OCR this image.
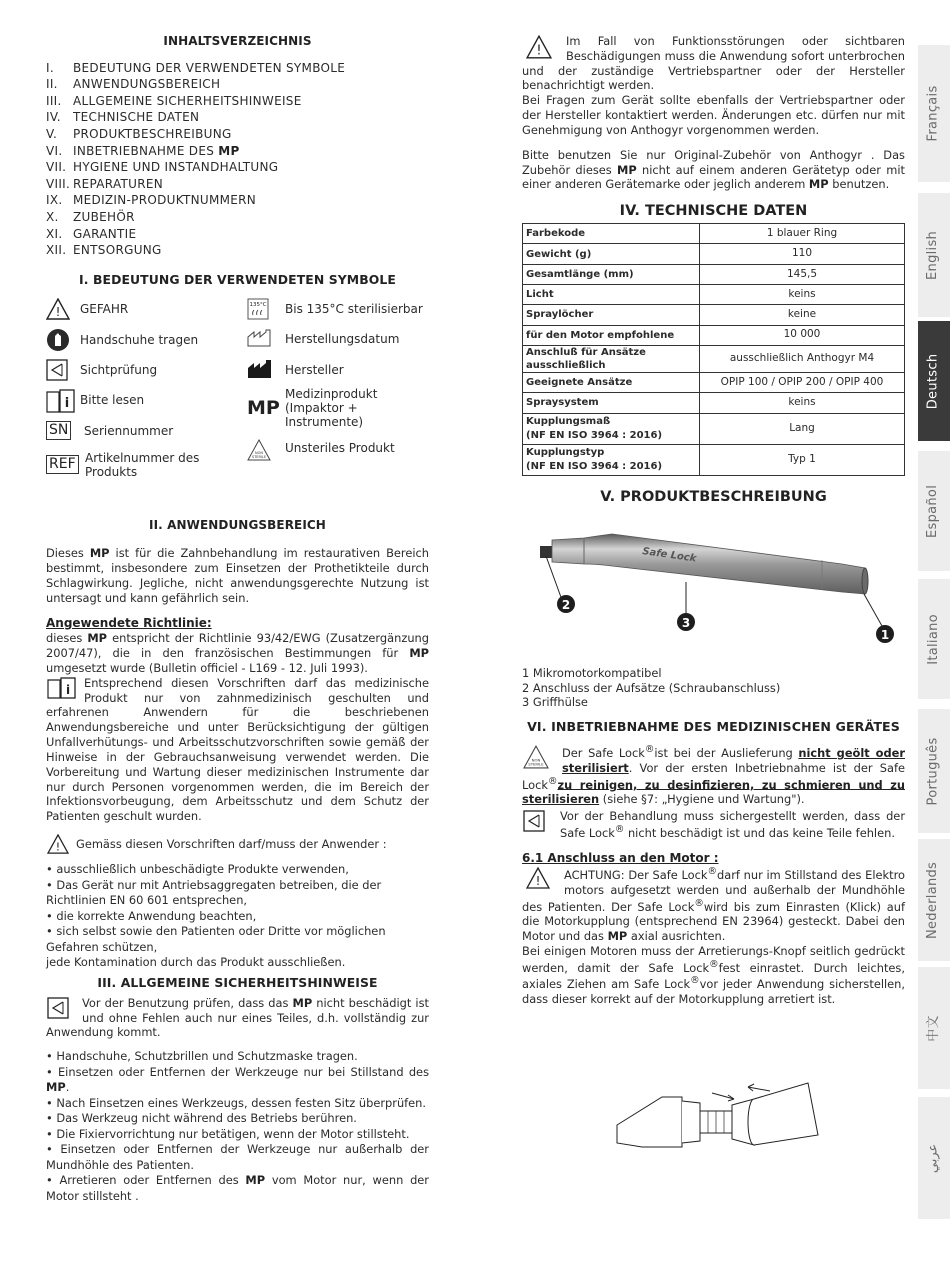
INHALTSVERZEICHNIS
I.	BEDEUTUNG DER VERWENDETEN SYMBOLE
II.	ANWENDUNGSBEREICH
III. ALLGEMEINE SICHERHEITSHINWEISE
IV.	TECHNISCHE DATEN
V.	PRODUKTBESCHREIBUNG
VI. INBETRIEBNAHME DES MP
VII. HYGIENE UND INSTANDHALTUNG
VIII. REPARATUREN
IX. MEDIZIN-PRODUKTNUMMERN
X.	ZUBEHÖR
XI. GARANTIE
XII. ENTSORGUNG
I. BEDEUTUNG DER VERWENDETEN SYMBOLE
! GEFAHR
Handschuhe tragen
Sichtprüfung
i Bitte lesen
SN	Seriennummer
REF Artikelnummer des Produkts
135°C Bis 135°C sterilisierbar
Herstellungsdatum
Hersteller
MP
Medizinprodukt (Impaktor + Instrumente)
NON
STERILE
Unsteriles Produkt
II. ANWENDUNGSBEREICH

Dieses MP ist für die Zahnbehandlung im restaurativen Bereich bestimmt, insbesondere zum Einsetzen der Prothetikteile durch Schlagwirkung. Jegliche, nicht anwendungsgerechte Nutzung ist untersagt und kann gefährlich sein.

Angewendete Richtlinie:

dieses MP entspricht der Richtlinie 93/42/EWG (Zusatzergänzung 2007/47), die in den französischen Bestimmungen für MP umgesetzt wurde (Bulletin officiel - L169 - 12. Juli 1993).

i Entsprechend diesen Vorschriften darf das medizinische Produkt nur von zahnmedizinisch geschulten und erfahrenen Anwendern für die beschriebenen Anwendungsbereiche und unter Berücksichtigung der gültigen Unfallverhütungs- und Arbeitsschutzvorschriften sowie gemäß der Hinweise in der Gebrauchsanweisung verwendet werden. Die Vorbereitung und Wartung dieser medizinischen Instrumente dar nur durch Personen vorgenommen werden, die im Bereich der Infektionsvorbeugung, dem Arbeitsschutz und dem Schutz der Patienten geschult wurden.

! Gemäss diesen Vorschriften darf/muss der Anwender :
• ausschließlich unbeschädigte Produkte verwenden,
• Das Gerät nur mit Antriebsaggregaten betreiben, die der Richtlinien EN 60 601 entsprechen,
• die korrekte Anwendung beachten,
• sich selbst sowie den Patienten oder Dritte vor möglichen Gefahren schützen,
jede Kontamination durch das Produkt ausschließen.
III. ALLGEMEINE SICHERHEITSHINWEISE

Vor der Benutzung prüfen, dass das MP nicht beschädigt ist und ohne Fehlen auch nur eines Teiles, d.h. vollständig zur Anwendung kommt.

• Handschuhe, Schutzbrillen und Schutzmaske tragen.
• Einsetzen oder Entfernen der Werkzeuge nur bei Stillstand des MP.
• Nach Einsetzen eines Werkzeugs, dessen festen Sitz überprüfen.
• Das Werkzeug nicht während des Betriebs berühren.
• Die Fixiervorrichtung nur betätigen, wenn der Motor stillsteht.
• Einsetzen oder Entfernen der Werkzeuge nur außerhalb der Mundhöhle des Patienten.
• Arretieren oder Entfernen des MP vom Motor nur, wenn der Motor stillsteht .

!
Im Fall von Funktionsstörungen oder sichtbaren Beschädigungen muss die Anwendung sofort unterbrochen und der zuständige Vertriebspartner oder der Hersteller benachrichtigt werden.

Bei Fragen zum Gerät sollte ebenfalls der Vertriebspartner oder der Hersteller kontaktiert werden. Änderungen etc. dürfen nur mit Genehmigung von Anthogyr vorgenommen werden.

Bitte benutzen Sie nur Original-Zubehör von Anthogyr . Das Zubehör dieses MP nicht auf einem anderen Gerätetyp oder mit einer anderen Gerätemarke oder jeglich anderem MP benutzen.

IV. TECHNISCHE DATEN
Farbekode	1 blauer Ring
Gewicht (g)	110
Gesamtlänge (mm)	145,5
Licht	keins
Spraylöcher	keine
für den Motor empfohlene	10 000
Anschluß für Ansätze ausschließlich	ausschließlich Anthogyr M4
Geeignete Ansätze	OPIP 100 / OPIP 200 / OPIP 400
Spraysystem	keins

Kupplungsmaß
(NF EN ISO 3964 : 2016)	Lang

Kupplungstyp
(NF EN ISO 3964 : 2016)	Typ 1
V. PRODUKTBESCHREIBUNG
Safe Lock
2
3
1
1 Mikromotorkompatibel
2 Anschluss der Aufsätze (Schraubanschluss)
3 Griffhülse
VI. INBETRIEBNAHME DES MEDIZINISCHEN GERÄTES

NON
STERILE
Der Safe Lock®ist bei der Auslieferung nicht geölt oder sterilisiert. Vor der ersten Inbetriebnahme ist der Safe Lock®zu reinigen, zu desinfizieren, zu schmieren und zu sterilisieren (siehe §7: „Hygiene und Wartung").

Vor der Behandlung muss sichergestellt werden, dass der Safe Lock® nicht beschädigt ist und das keine Teile fehlen.

6.1 Anschluss an den Motor :

! ACHTUNG: Der Safe Lock®darf nur im Stillstand des Elektro motors aufgesetzt werden und außerhalb der Mundhöhle des Patienten. Der Safe Lock®wird bis zum Einrasten (Klick) auf die Motorkupplung (entsprechend EN 23964) gesteckt. Dabei den Motor und das MP axial ausrichten.

Bei einigen Motoren muss der Arretierungs-Knopf seitlich gedrückt werden, damit der Safe Lock®fest einrastet. Durch leichtes, axiales Ziehen am Safe Lock®vor jeder Anwendung sicherstellen, dass dieser korrekt auf der Motorkupplung arretiert ist.

Français
English
Deutsch
Español
Italiano
Português
Nederlands
中文
عربي
